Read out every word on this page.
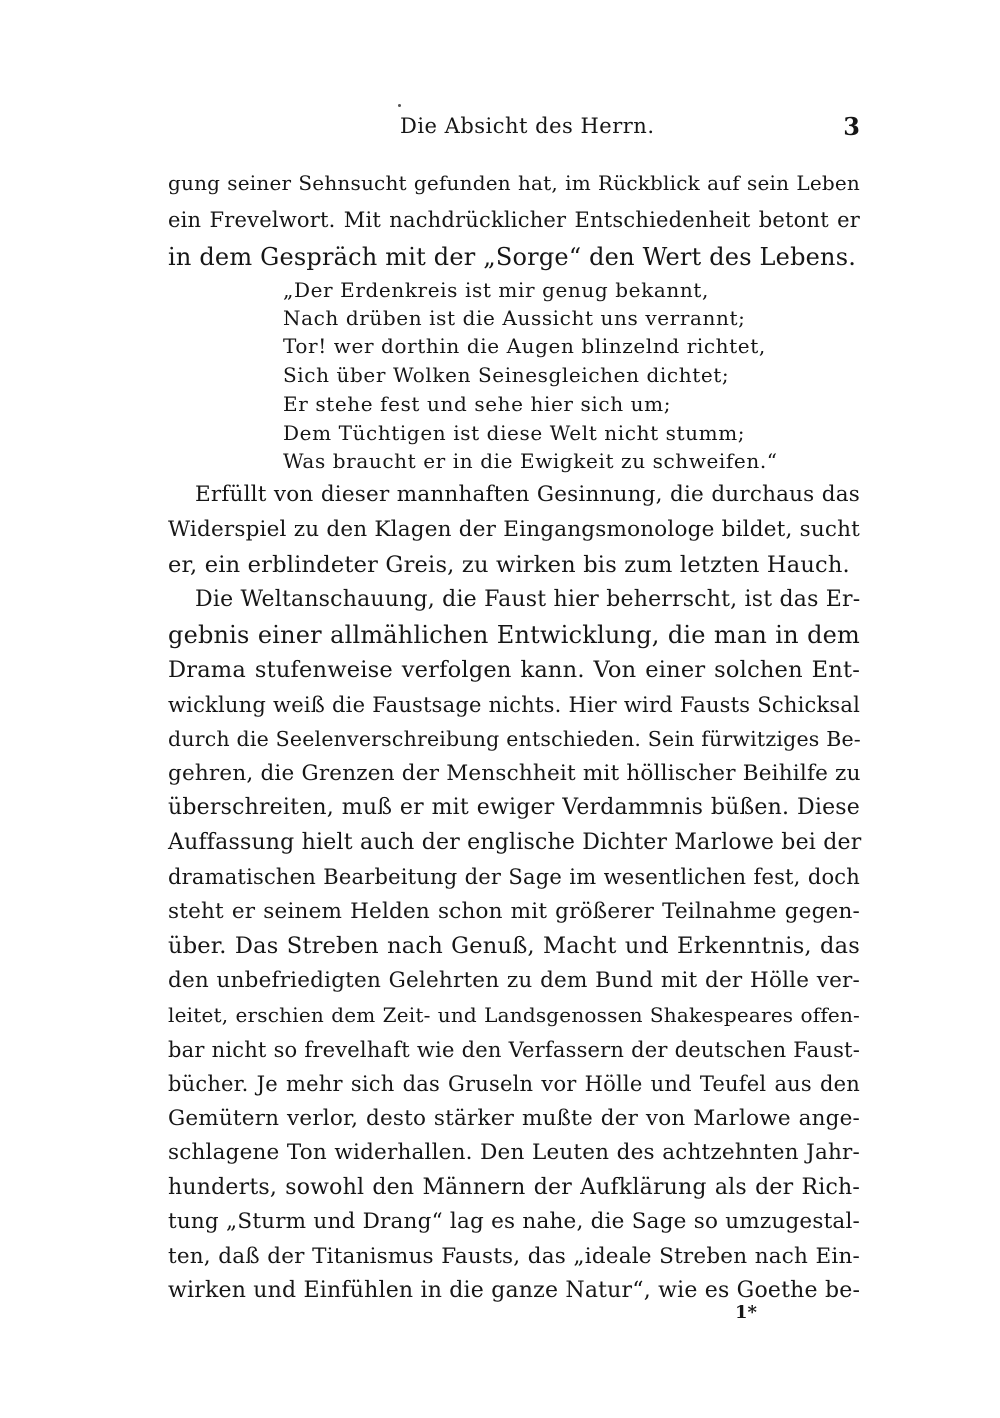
Die Absicht des Herrn.	3
gung seiner Sehnsucht gefunden hat, im Rückblick auf sein Leben
ein Frevelwort. Mit nachdrücklicher Entschiedenheit betont er
in dem Gespräch mit der „Sorge“ den Wert des Lebens.
„Der Erdenkreis ist mir genug bekannt,
Nach drüben ist die Aussicht uns verrannt;
Tor! wer dorthin die Augen blinzelnd richtet,
Sich über Wolken Seinesgleichen dichtet;
Er stehe fest und sehe hier sich um;
Dem Tüchtigen ist diese Welt nicht stumm;
Was braucht er in die Ewigkeit zu schweifen.“
Erfüllt von dieser mannhaften Gesinnung, die durchaus das
Widerspiel zu den Klagen der Eingangsmonologe bildet, sucht
er, ein erblindeter Greis, zu wirken bis zum letzten Hauch.
Die Weltanschauung, die Faust hier beherrscht, ist das Er-
gebnis einer allmählichen Entwicklung, die man in dem
Drama stufenweise verfolgen kann. Von einer solchen Ent-
wicklung weiß die Faustsage nichts. Hier wird Fausts Schicksal
durch die Seelenverschreibung entschieden. Sein fürwitziges Be-
gehren, die Grenzen der Menschheit mit höllischer Beihilfe zu
überschreiten, muß er mit ewiger Verdammnis büßen. Diese
Auffassung hielt auch der englische Dichter Marlowe bei der
dramatischen Bearbeitung der Sage im wesentlichen fest, doch
steht er seinem Helden schon mit größerer Teilnahme gegen-
über. Das Streben nach Genuß, Macht und Erkenntnis, das
den unbefriedigten Gelehrten zu dem Bund mit der Hölle ver-
leitet, erschien dem Zeit- und Landsgenossen Shakespeares offen-
bar nicht so frevelhaft wie den Verfassern der deutschen Faust-
bücher. Je mehr sich das Gruseln vor Hölle und Teufel aus den
Gemütern verlor, desto stärker mußte der von Marlowe ange-
schlagene Ton widerhallen. Den Leuten des achtzehnten Jahr-
hunderts, sowohl den Männern der Aufklärung als der Rich-
tung „Sturm und Drang“ lag es nahe, die Sage so umzugestal-
ten, daß der Titanismus Fausts, das „ideale Streben nach Ein-
wirken und Einfühlen in die ganze Natur“, wie es Goethe be-
1*
